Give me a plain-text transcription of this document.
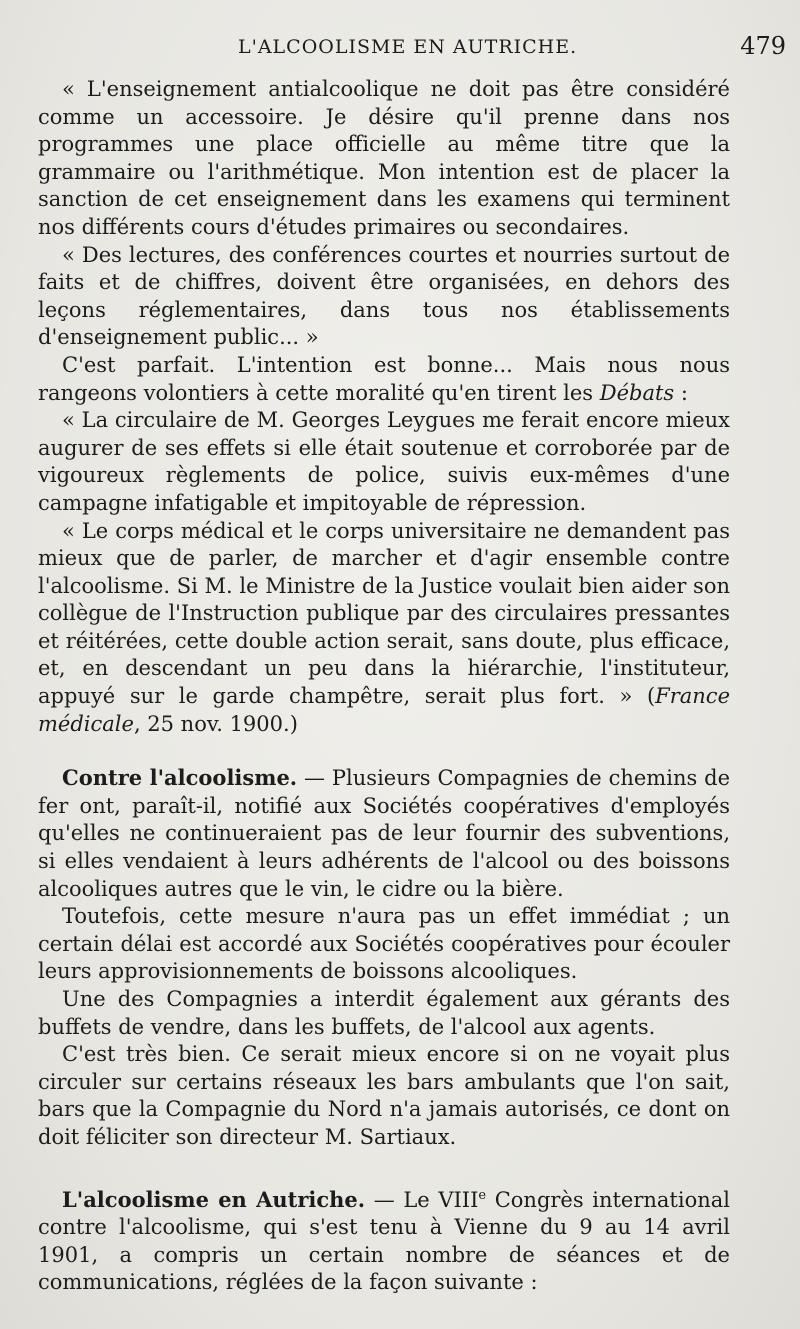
L'ALCOOLISME EN AUTRICHE.	479

« L'enseignement antialcoolique ne doit pas être considéré comme un accessoire. Je désire qu'il prenne dans nos programmes une place officielle au même titre que la grammaire ou l'arithmétique. Mon intention est de placer la sanction de cet enseignement dans les examens qui terminent nos différents cours d'études primaires ou secondaires.

« Des lectures, des conférences courtes et nourries surtout de faits et de chiffres, doivent être organisées, en dehors des leçons réglementaires, dans tous nos établissements d'enseignement public... »

C'est parfait. L'intention est bonne... Mais nous nous rangeons volontiers à cette moralité qu'en tirent les Débats :

« La circulaire de M. Georges Leygues me ferait encore mieux augurer de ses effets si elle était soutenue et corroborée par de vigoureux règlements de police, suivis eux-mêmes d'une campagne infatigable et impitoyable de répression.

« Le corps médical et le corps universitaire ne demandent pas mieux que de parler, de marcher et d'agir ensemble contre l'alcoolisme. Si M. le Ministre de la Justice voulait bien aider son collègue de l'Instruction publique par des circulaires pressantes et réitérées, cette double action serait, sans doute, plus efficace, et, en descendant un peu dans la hiérarchie, l'instituteur, appuyé sur le garde champêtre, serait plus fort. » (France médicale, 25 nov. 1900.)

Contre l'alcoolisme. — Plusieurs Compagnies de chemins de fer ont, paraît-il, notifié aux Sociétés coopératives d'employés qu'elles ne continueraient pas de leur fournir des subventions, si elles vendaient à leurs adhérents de l'alcool ou des boissons alcooliques autres que le vin, le cidre ou la bière.

Toutefois, cette mesure n'aura pas un effet immédiat ; un certain délai est accordé aux Sociétés coopératives pour écouler leurs approvisionnements de boissons alcooliques.

Une des Compagnies a interdit également aux gérants des buffets de vendre, dans les buffets, de l'alcool aux agents.

C'est très bien. Ce serait mieux encore si on ne voyait plus circuler sur certains réseaux les bars ambulants que l'on sait, bars que la Compagnie du Nord n'a jamais autorisés, ce dont on doit féliciter son directeur M. Sartiaux.

L'alcoolisme en Autriche. — Le VIIIe Congrès international contre l'alcoolisme, qui s'est tenu à Vienne du 9 au 14 avril 1901, a compris un certain nombre de séances et de communications, réglées de la façon suivante :
